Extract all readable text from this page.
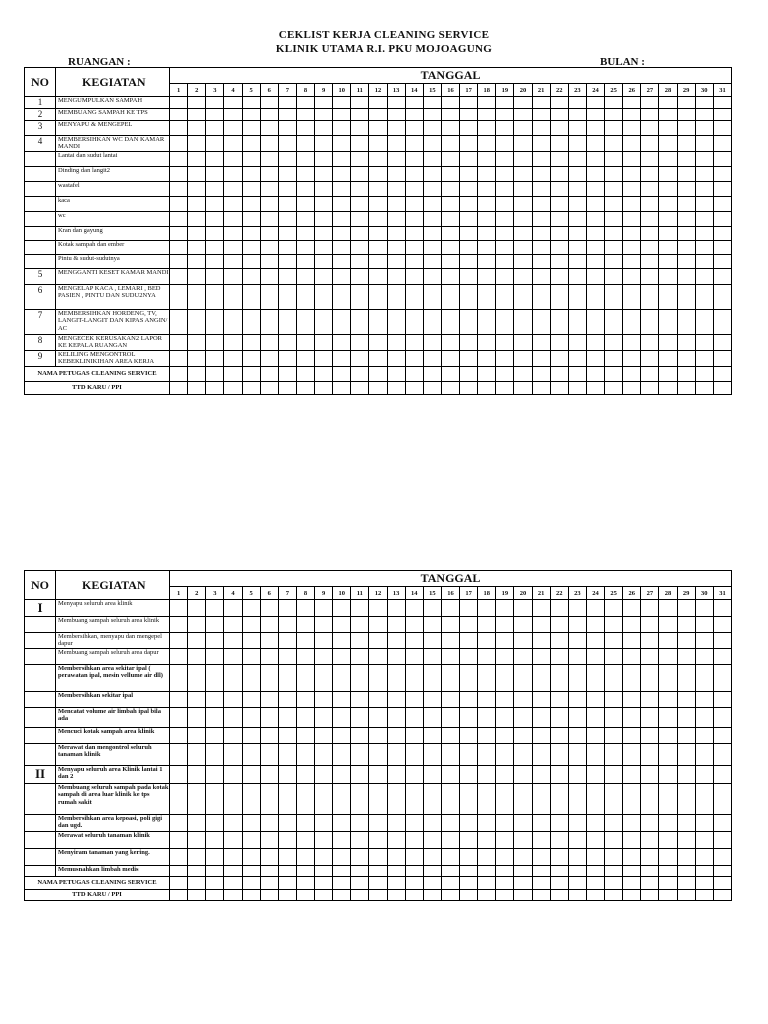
CEKLIST KERJA CLEANING SERVICE
KLINIK UTAMA R.I. PKU MOJOAGUNG
RUANGAN :	BULAN :
NO	KEGIATAN	TANGGAL																														
		1	2	3	4	5	6	7	8	9	10	11	12	13	14	15	16	17	18	19	20	21	22	23	24	25	26	27	28	29	30	31
1	MENGUMPULKAN SAMPAH																															
2	MEMBUANG SAMPAH KE TPS																															
3	MENYAPU & MENGEPEL																															
4	MEMBERSIHKAN WC DAN KAMAR MANDI																															
	Lantai dan sudut lantai																															
	Dinding dan langit2																															
	wastafel																															
	kaca																															
	wc																															
	Kran dan gayung																															
	Kotak sampah dan ember																															
	Pintu & sudut-sudutnya																															
5	MENGGANTI KESET KAMAR MANDI																															
6	MENGELAP KACA , LEMARI , BED PASIEN , PINTU DAN SUDU2NYA																															
7	MEMBERSIHKAN HORDENG, TV, LANGIT-LANGIT DAN KIPAS ANGIN/ AC																															
8	MENGECEK KERUSAKAN2 LAPOR KE KEPALA RUANGAN																															
9	KELILING MENGONTROL KEBEKLINIKIHAN AREA KERJA																															
NAMA PETUGAS CLEANING SERVICE																																
TTD KARU / PPI																																
NO	KEGIATAN	TANGGAL																														
		1	2	3	4	5	6	7	8	9	10	11	12	13	14	15	16	17	18	19	20	21	22	23	24	25	26	27	28	29	30	31
I	Menyapu seluruh area klinik																															
	Membuang sampah seluruh area klinik																															
	Membersihkan, menyapu dan mengepel dapur																															
	Membuang sampah seluruh area dapur																															
	Membersihkan area sekitar ipal ( perawatan ipal, mesin vellume air dll)																															
	Membersihkan sekitar ipal																															
	Mencatat volume air limbah ipal bila ada																															
	Mencuci kotak sampah area klinik																															
	Merawat dan mengontrol seluruh tanaman klinik																															
II	Menyapu seluruh area Klinik lantai 1 dan 2																															
	Membuang seluruh sampah pada kotak sampah di area luar klinik ke tps rumah sakit																															
	Membersihkan area kepoasi, poli gigi dan ugd.																															
	Merawat seluruh tanaman klinik																															
	Menyiram tanaman yang kering.																															
	Memusnahkan limbah medis																															
NAMA PETUGAS CLEANING SERVICE																																
TTD KARU / PPI																																
